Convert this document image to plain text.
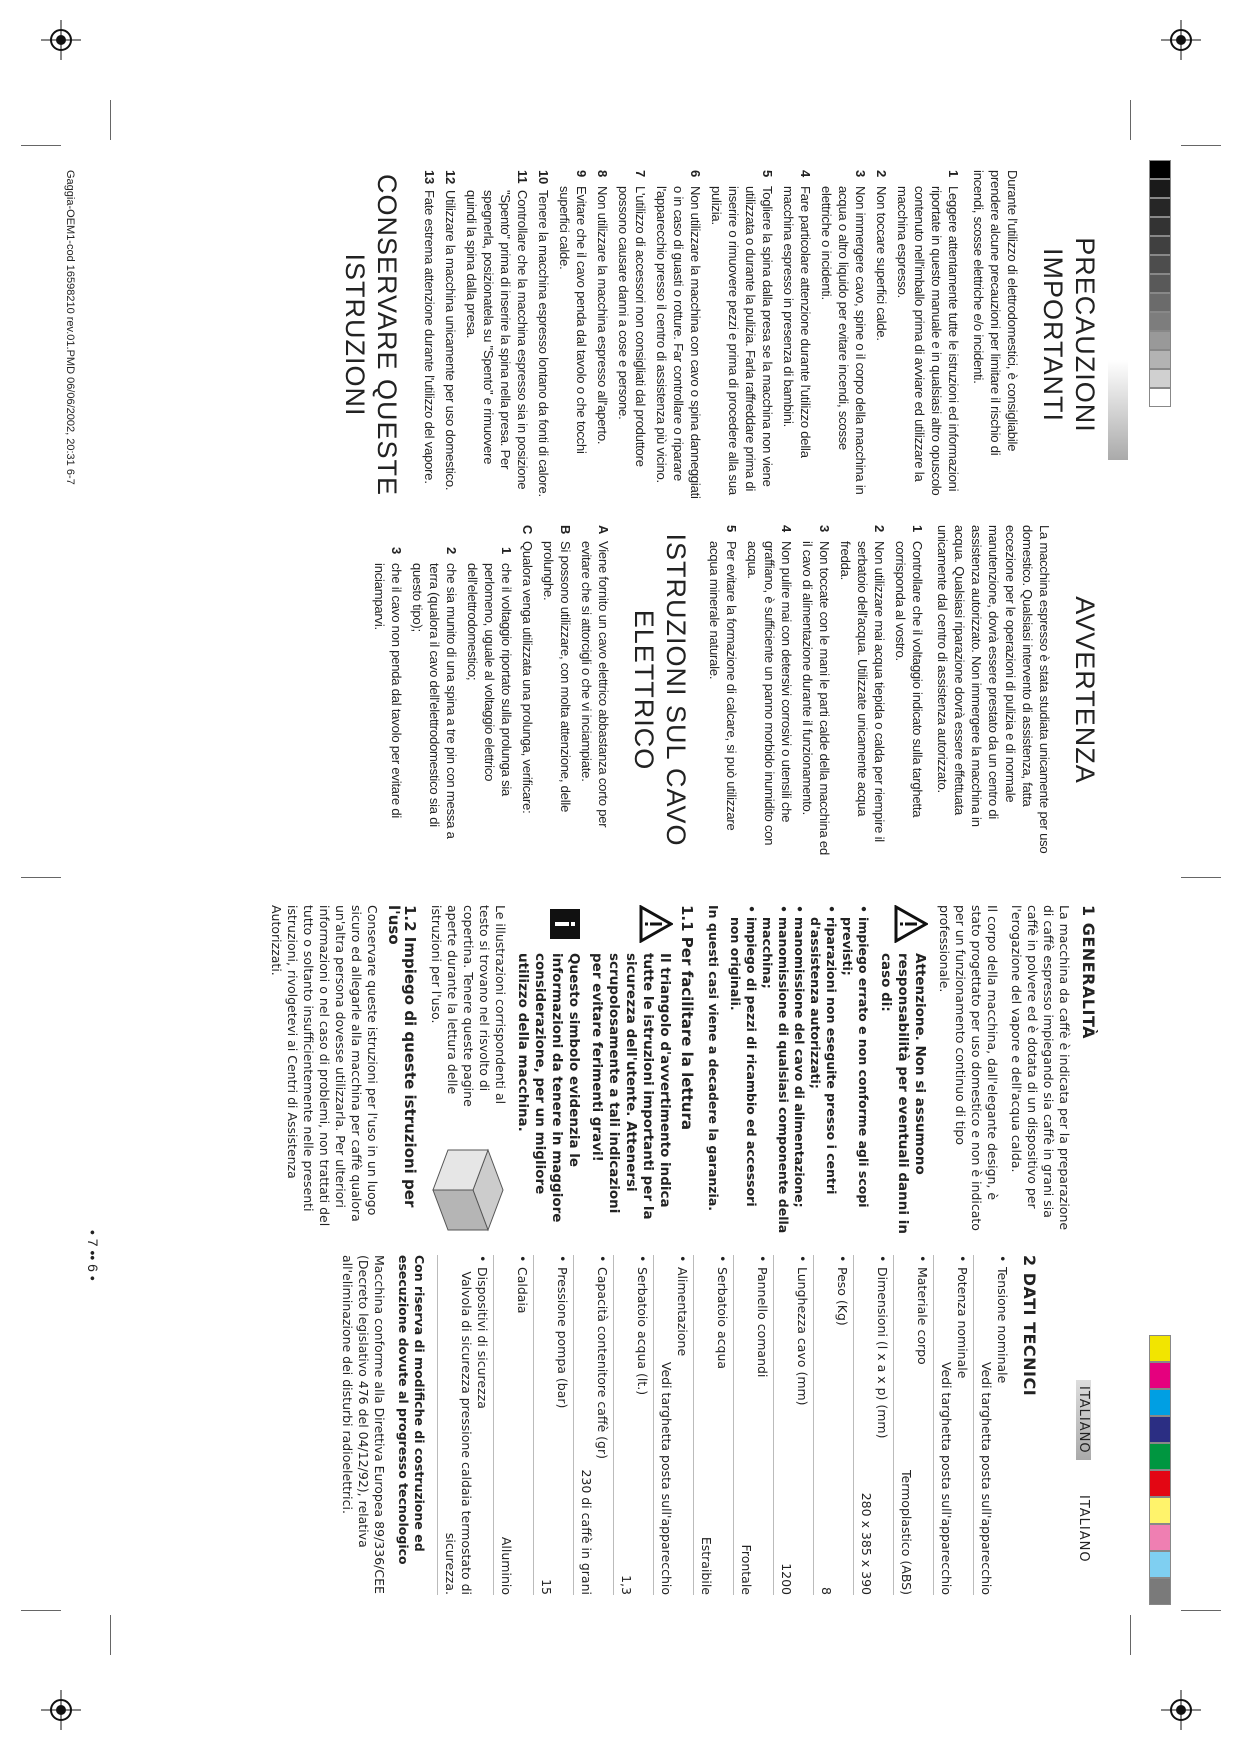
PRECAUZIONI IMPORTANTI

Durante l'utilizzo di elettrodomestici, è consigliabile prendere alcune precauzioni per limitare il rischio di incendi, scosse elettriche e/o incidenti.

1
Leggere attentamente tutte le istruzioni ed informazioni riportate in questo manuale e in qualsiasi altro opuscolo contenuto nell'imballo prima di avviare ed utilizzare la macchina espresso.
2
Non toccare superfici calde.
3
Non immergere cavo, spine o il corpo della macchina in acqua o altro liquido per evitare incendi, scosse elettriche o incidenti.
4
Fare particolare attenzione durante l'utilizzo della macchina espresso in presenza di bambini.
5
Togliere la spina dalla presa se la macchina non viene utilizzata o durante la pulizia. Farla raffreddare prima di inserire o rimuovere pezzi e prima di procedere alla sua pulizia.
6
Non utilizzare la macchina con cavo o spina danneggiati o in caso di guasti o rotture. Far controllare o riparare l'apparecchio presso il centro di assistenza più vicino.
7
L'utilizzo di accessori non consigliati dal produttore possono causare danni a cose e persone.
8
Non utilizzare la macchina espresso all'aperto.
9
Evitare che il cavo penda dal tavolo o che tocchi superfici calde.
10
Tenere la macchina espresso lontano da fonti di calore.
11
Controllare che la macchina espresso sia in posizione "Spento" prima di inserire la spina nella presa. Per spegnerla, posizionatela su "Spento" e rimuovere quindi la spina dalla presa.
12
Utilizzare la macchina unicamente per uso domestico.
13
Fate estrema attenzione durante l'utilizzo del vapore.
CONSERVARE QUESTE
ISTRUZIONI
AVVERTENZA

La macchina espresso è stata studiata unicamente per uso domestico. Qualsiasi intervento di assistenza, fatta eccezione per le operazioni di pulizia e di normale manutenzione, dovrà essere prestato da un centro di assistenza autorizzato. Non immergere la macchina in acqua. Qualsiasi riparazione dovrà essere effettuata unicamente dal centro di assistenza autorizzato.

1
Controllare che il voltaggio indicato sulla targhetta corrisponda al vostro.
2
Non utilizzare mai acqua tiepida o calda per riempire il serbatoio dell'acqua. Utilizzate unicamente acqua fredda.
3
Non toccate con le mani le parti calde della macchina ed il cavo di alimentazione durante il funzionamento.
4
Non pulire mai con detersivi corrosivi o utensili che graffiano, è sufficiente un panno morbido inumidito con acqua.
5
Per evitare la formazione di calcare, si può utilizzare acqua minerale naturale.
ISTRUZIONI SUL CAVO
ELETTRICO
A
Viene fornito un cavo elettrico abbastanza corto per evitare che si attorcigli o che vi inciampiate.
B
Si possono utilizzare, con molta attenzione, delle prolunghe.
C
Qualora venga utilizzata una prolunga, verificare:
1
che il voltaggio riportato sulla prolunga sia perlomeno, uguale al voltaggio elettrico dell'elettrodomestico;
2
che sia munito di una spina a tre pin con messa a terra (qualora il cavo dell'elettrodomestico sia di questo tipo);
3
che il cavo non penda dal tavolo per evitare di inciamparvi.
Gaggia-OEM1-cod 16598210 rev.01.PMD 06/06/2002, 20:31 6-7
ITALIANO
ITALIANO
1 GENERALITÀ

La macchina da caffè è indicata per la preparazione di caffè espresso impiegando sia caffè in grani sia caffè in polvere ed è dotata di un dispositivo per l'erogazione del vapore e dell'acqua calda.

Il corpo della macchina, dall'elegante design, è stato progettato per uso domestico e non è indicato per un funzionamento continuo di tipo professionale.

Attenzione. Non si assumono responsabilità per eventuali danni in caso di:
• impiego errato e non conforme agli scopi previsti;
• riparazioni non eseguite presso i centri d'assistenza autorizzati;
• manomissione del cavo di alimentazione;
• manomissione di qualsiasi componente della macchina;
• impiego di pezzi di ricambio ed accessori non originali.
In questi casi viene a decadere la garanzia.
1.1 Per facilitare la lettura
Il triangolo d'avvertimento indica tutte le istruzioni importanti per la sicurezza dell'utente. Attenersi scrupolosamente a tali indicazioni per evitare ferimenti gravi!
Questo simbolo evidenzia le informazioni da tenere in maggiore considerazione, per un migliore utilizzo della macchina.
Le illustrazioni corrispondenti al testo si trovano nel risvolto di copertina. Tenere queste pagine aperte durante la lettura delle istruzioni per l'uso.
1.2 Impiego di queste istruzioni per l'uso

Conservare queste istruzioni per l'uso in un luogo sicuro ed allegarle alla macchina per caffè qualora un'altra persona dovesse utilizzarla. Per ulteriori informazioni o nel caso di problemi, non trattati del tutto o soltanto insufficientemente nelle presenti istruzioni, rivolgetevi ai Centri di Assistenza Autorizzati.

2 DATI TECNICI
• Tensione nominale
Vedi targhetta posta sull'apparecchio
• Potenza nominale
Vedi targhetta posta sull'apparecchio
• Materiale corpo
Termoplastico (ABS)
• Dimensioni (l x a x p) (mm)
280 x 385 x 390
• Peso (Kg)
8
• Lunghezza cavo (mm)
1200
• Pannello comandi
Frontale
• Serbatoio acqua
Estraibile
• Alimentazione
Vedi targhetta posta sull'apparecchio
• Serbatoio acqua (lt.)
1,3
• Capacità contenitore caffè (gr)
230 di caffè in grani
• Pressione pompa (bar)
15
• Caldaia
Alluminio
• Dispositivi di sicurezza
Valvola di sicurezza pressione caldaia termostato di sicurezza.

Con riserva di modifiche di costruzione ed esecuzione dovute al progresso tecnologico

Macchina conforme alla Direttiva Europea 89/336/CEE (Decreto legislativo 476 del 04/12/92), relativa all'eliminazione dei disturbi radioelettrici.

• 7 •• 6 •
